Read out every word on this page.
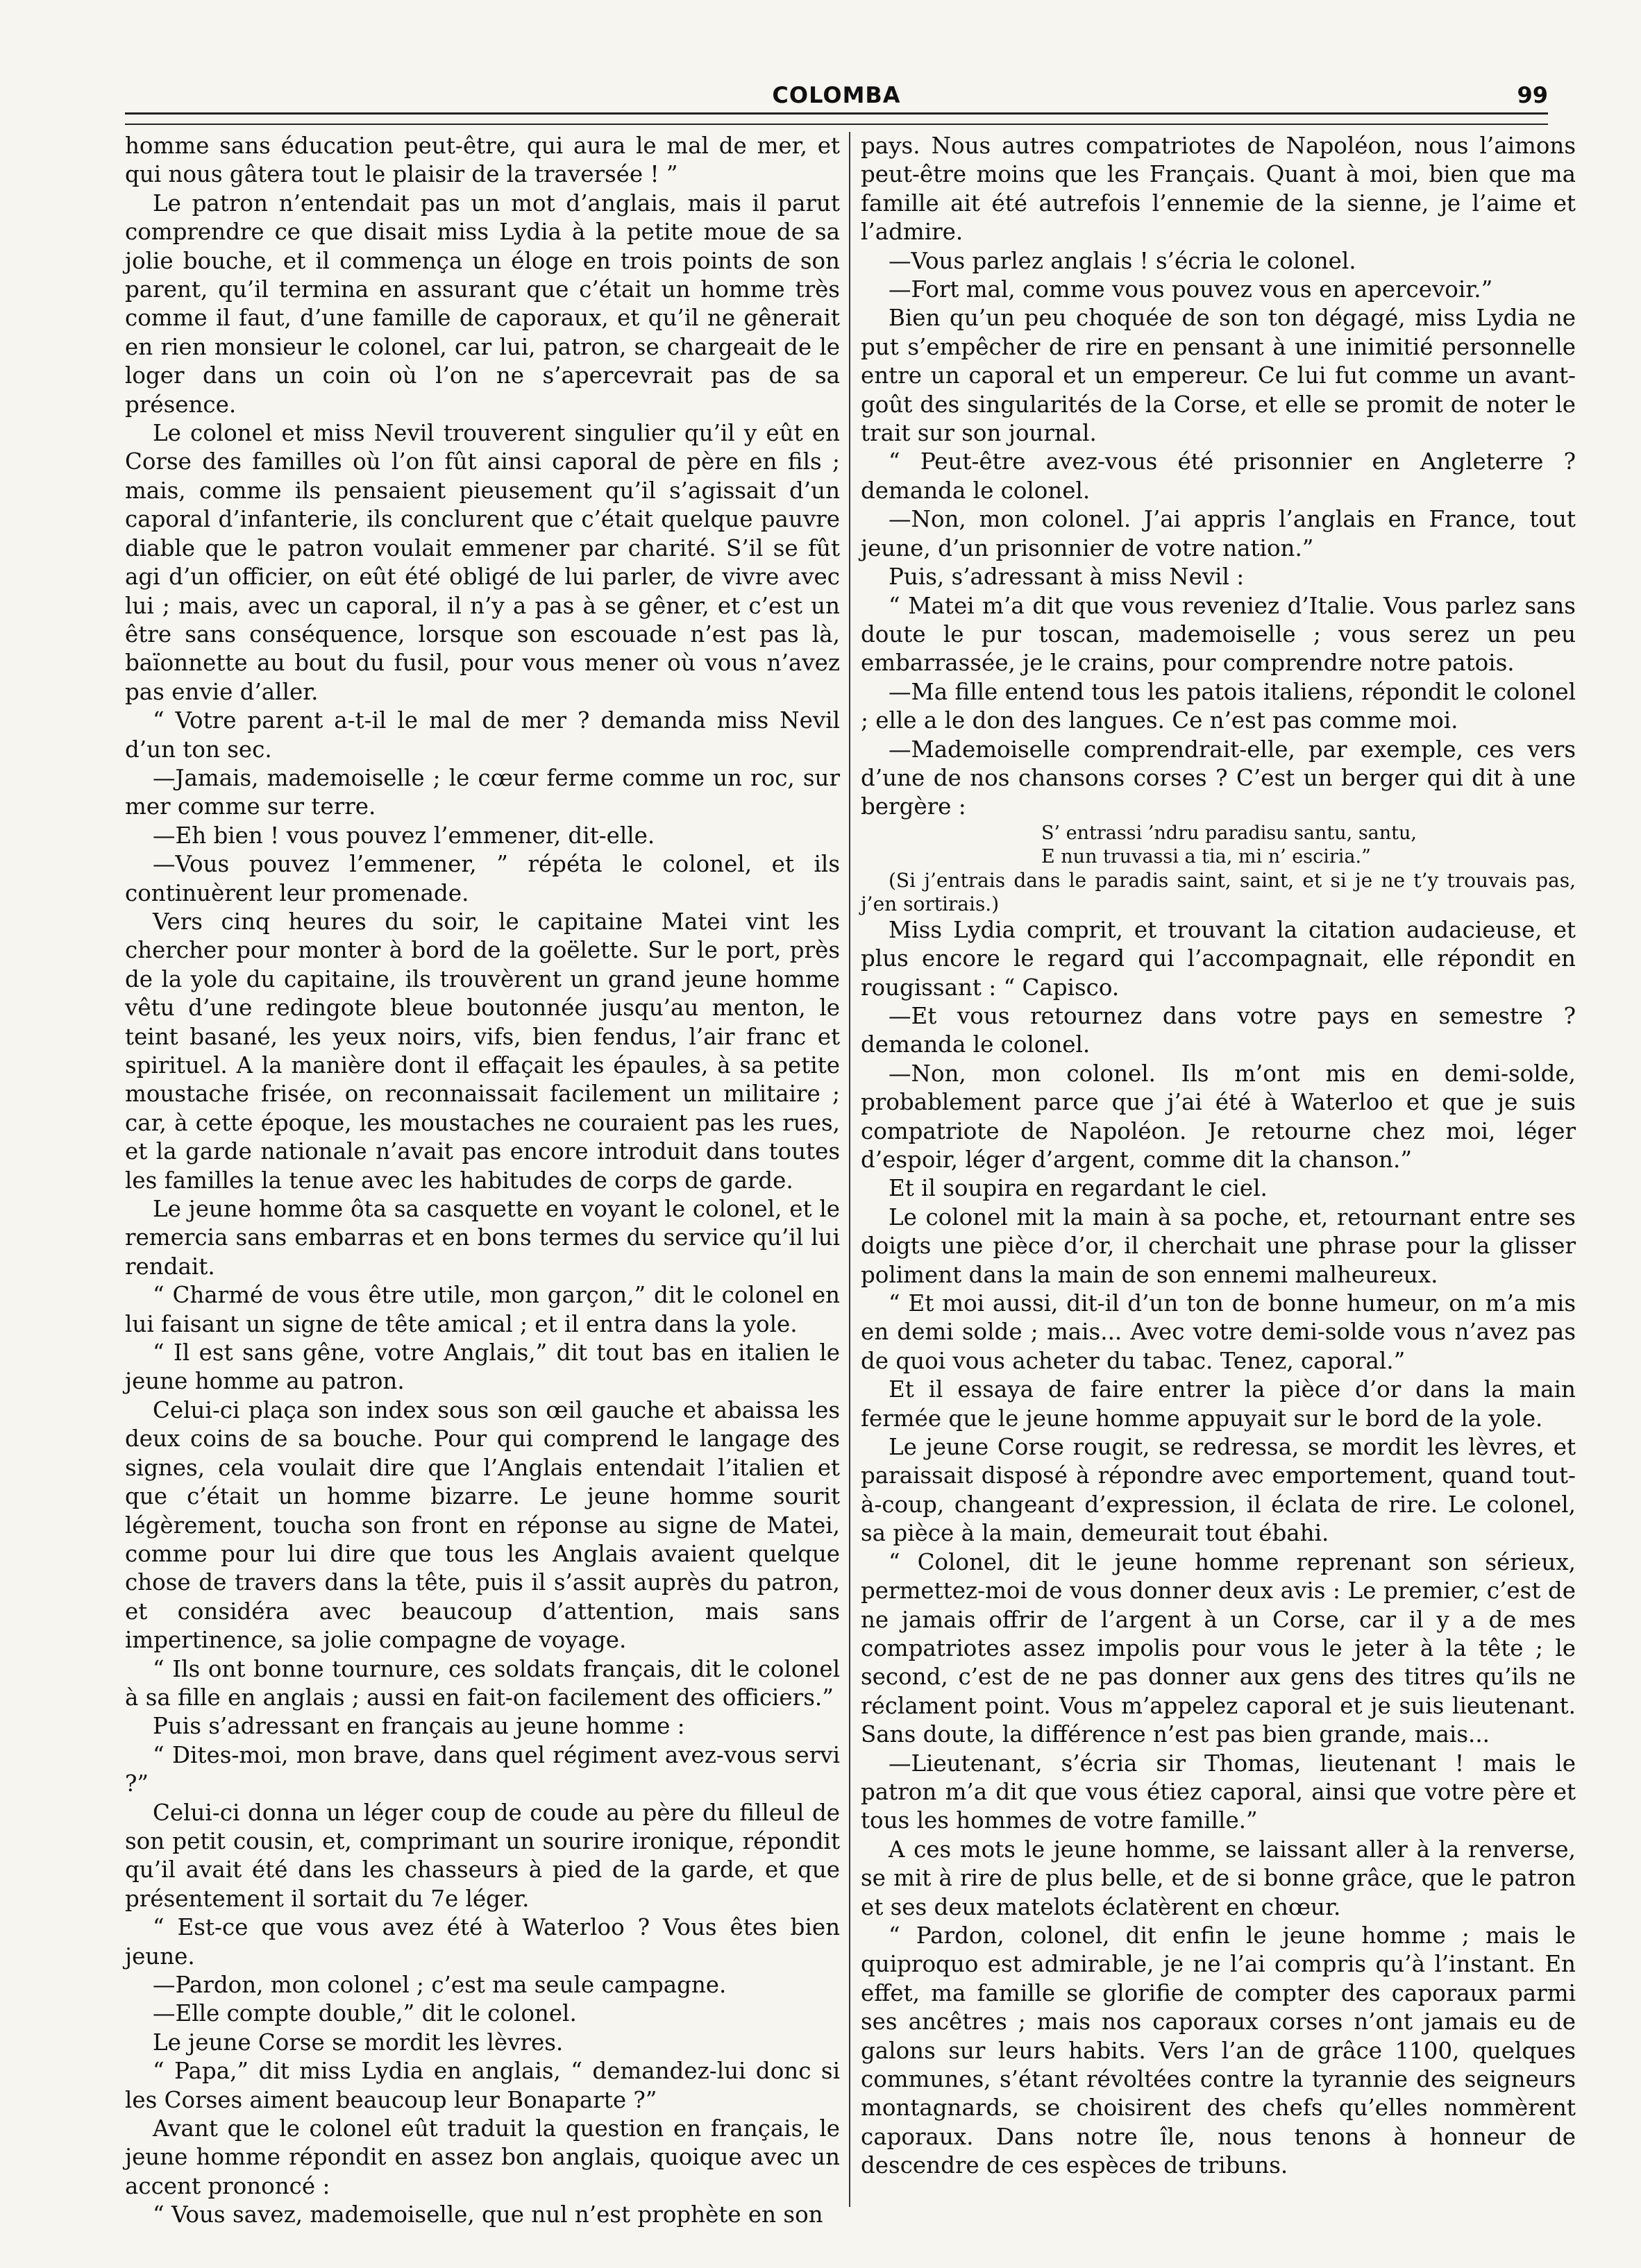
COLOMBA	99

homme sans éducation peut-être, qui aura le mal de mer, et qui nous gâtera tout le plaisir de la traversée ! ”

Le patron n’entendait pas un mot d’anglais, mais il parut comprendre ce que disait miss Lydia à la petite moue de sa jolie bouche, et il commença un éloge en trois points de son parent, qu’il termina en assurant que c’était un homme très comme il faut, d’une famille de caporaux, et qu’il ne gênerait en rien monsieur le colonel, car lui, patron, se chargeait de le loger dans un coin où l’on ne s’apercevrait pas de sa présence.

Le colonel et miss Nevil trouverent singulier qu’il y eût en Corse des familles où l’on fût ainsi caporal de père en fils ; mais, comme ils pensaient pieusement qu’il s’agissait d’un caporal d’infanterie, ils conclurent que c’était quelque pauvre diable que le patron voulait emmener par charité. S’il se fût agi d’un officier, on eût été obligé de lui parler, de vivre avec lui ; mais, avec un caporal, il n’y a pas à se gêner, et c’est un être sans conséquence, lorsque son escouade n’est pas là, baïonnette au bout du fusil, pour vous mener où vous n’avez pas envie d’aller.

“ Votre parent a-t-il le mal de mer ? demanda miss Nevil d’un ton sec.

—Jamais, mademoiselle ; le cœur ferme comme un roc, sur mer comme sur terre.

—Eh bien ! vous pouvez l’emmener, dit-elle.

—Vous pouvez l’emmener, ” répéta le colonel, et ils continuèrent leur promenade.

Vers cinq heures du soir, le capitaine Matei vint les chercher pour monter à bord de la goëlette. Sur le port, près de la yole du capitaine, ils trouvèrent un grand jeune homme vêtu d’une redingote bleue boutonnée jusqu’au menton, le teint basané, les yeux noirs, vifs, bien fendus, l’air franc et spirituel. A la manière dont il effaçait les épaules, à sa petite moustache frisée, on reconnaissait facilement un militaire ; car, à cette époque, les moustaches ne couraient pas les rues, et la garde nationale n’avait pas encore introduit dans toutes les familles la tenue avec les habitudes de corps de garde.

Le jeune homme ôta sa casquette en voyant le colonel, et le remercia sans embarras et en bons termes du service qu’il lui rendait.

“ Charmé de vous être utile, mon garçon,” dit le colonel en lui faisant un signe de tête amical ; et il entra dans la yole.

“ Il est sans gêne, votre Anglais,” dit tout bas en italien le jeune homme au patron.

Celui-ci plaça son index sous son œil gauche et abaissa les deux coins de sa bouche. Pour qui comprend le langage des signes, cela voulait dire que l’Anglais entendait l’italien et que c’était un homme bizarre. Le jeune homme sourit légèrement, toucha son front en réponse au signe de Matei, comme pour lui dire que tous les Anglais avaient quelque chose de travers dans la tête, puis il s’assit auprès du patron, et considéra avec beaucoup d’attention, mais sans impertinence, sa jolie compagne de voyage.

“ Ils ont bonne tournure, ces soldats français, dit le colonel à sa fille en anglais ; aussi en fait-on facilement des officiers.”

Puis s’adressant en français au jeune homme :

“ Dites-moi, mon brave, dans quel régiment avez-vous servi ?”

Celui-ci donna un léger coup de coude au père du filleul de son petit cousin, et, comprimant un sourire ironique, répondit qu’il avait été dans les chasseurs à pied de la garde, et que présentement il sortait du 7e léger.

“ Est-ce que vous avez été à Waterloo ? Vous êtes bien jeune.

—Pardon, mon colonel ; c’est ma seule campagne.

—Elle compte double,” dit le colonel.

Le jeune Corse se mordit les lèvres.

“ Papa,” dit miss Lydia en anglais, “ demandez-lui donc si les Corses aiment beaucoup leur Bonaparte ?”

Avant que le colonel eût traduit la question en français, le jeune homme répondit en assez bon anglais, quoique avec un accent prononcé :

“ Vous savez, mademoiselle, que nul n’est prophète en son

pays. Nous autres compatriotes de Napoléon, nous l’aimons peut-être moins que les Français. Quant à moi, bien que ma famille ait été autrefois l’ennemie de la sienne, je l’aime et l’admire.

—Vous parlez anglais ! s’écria le colonel.

—Fort mal, comme vous pouvez vous en apercevoir.”

Bien qu’un peu choquée de son ton dégagé, miss Lydia ne put s’empêcher de rire en pensant à une inimitié personnelle entre un caporal et un empereur. Ce lui fut comme un avant-goût des singularités de la Corse, et elle se promit de noter le trait sur son journal.

“ Peut-être avez-vous été prisonnier en Angleterre ? demanda le colonel.

—Non, mon colonel. J’ai appris l’anglais en France, tout jeune, d’un prisonnier de votre nation.”

Puis, s’adressant à miss Nevil :

“ Matei m’a dit que vous reveniez d’Italie. Vous parlez sans doute le pur toscan, mademoiselle ; vous serez un peu embarrassée, je le crains, pour comprendre notre patois.

—Ma fille entend tous les patois italiens, répondit le colonel ; elle a le don des langues. Ce n’est pas comme moi.

—Mademoiselle comprendrait-elle, par exemple, ces vers d’une de nos chansons corses ? C’est un berger qui dit à une bergère :

S’ entrassi ’ndru paradisu santu, santu,

E nun truvassi a tia, mi n’ esciria.”

(Si j’entrais dans le paradis saint, saint, et si je ne t’y trouvais pas, j’en sortirais.)

Miss Lydia comprit, et trouvant la citation audacieuse, et plus encore le regard qui l’accompagnait, elle répondit en rougissant : “ Capisco.

—Et vous retournez dans votre pays en semestre ? demanda le colonel.

—Non, mon colonel. Ils m’ont mis en demi-solde, probablement parce que j’ai été à Waterloo et que je suis compatriote de Napoléon. Je retourne chez moi, léger d’espoir, léger d’argent, comme dit la chanson.”

Et il soupira en regardant le ciel.

Le colonel mit la main à sa poche, et, retournant entre ses doigts une pièce d’or, il cherchait une phrase pour la glisser poliment dans la main de son ennemi malheureux.

“ Et moi aussi, dit-il d’un ton de bonne humeur, on m’a mis en demi solde ; mais... Avec votre demi-solde vous n’avez pas de quoi vous acheter du tabac. Tenez, caporal.”

Et il essaya de faire entrer la pièce d’or dans la main fermée que le jeune homme appuyait sur le bord de la yole.

Le jeune Corse rougit, se redressa, se mordit les lèvres, et paraissait disposé à répondre avec emportement, quand tout-à-coup, changeant d’expression, il éclata de rire. Le colonel, sa pièce à la main, demeurait tout ébahi.

“ Colonel, dit le jeune homme reprenant son sérieux, permettez-moi de vous donner deux avis : Le premier, c’est de ne jamais offrir de l’argent à un Corse, car il y a de mes compatriotes assez impolis pour vous le jeter à la tête ; le second, c’est de ne pas donner aux gens des titres qu’ils ne réclament point. Vous m’appelez caporal et je suis lieutenant. Sans doute, la différence n’est pas bien grande, mais...

—Lieutenant, s’écria sir Thomas, lieutenant ! mais le patron m’a dit que vous étiez caporal, ainsi que votre père et tous les hommes de votre famille.”

A ces mots le jeune homme, se laissant aller à la renverse, se mit à rire de plus belle, et de si bonne grâce, que le patron et ses deux matelots éclatèrent en chœur.

“ Pardon, colonel, dit enfin le jeune homme ; mais le quiproquo est admirable, je ne l’ai compris qu’à l’instant. En effet, ma famille se glorifie de compter des caporaux parmi ses ancêtres ; mais nos caporaux corses n’ont jamais eu de galons sur leurs habits. Vers l’an de grâce 1100, quelques communes, s’étant révoltées contre la tyrannie des seigneurs montagnards, se choisirent des chefs qu’elles nommèrent caporaux. Dans notre île, nous tenons à honneur de descendre de ces espèces de tribuns.
